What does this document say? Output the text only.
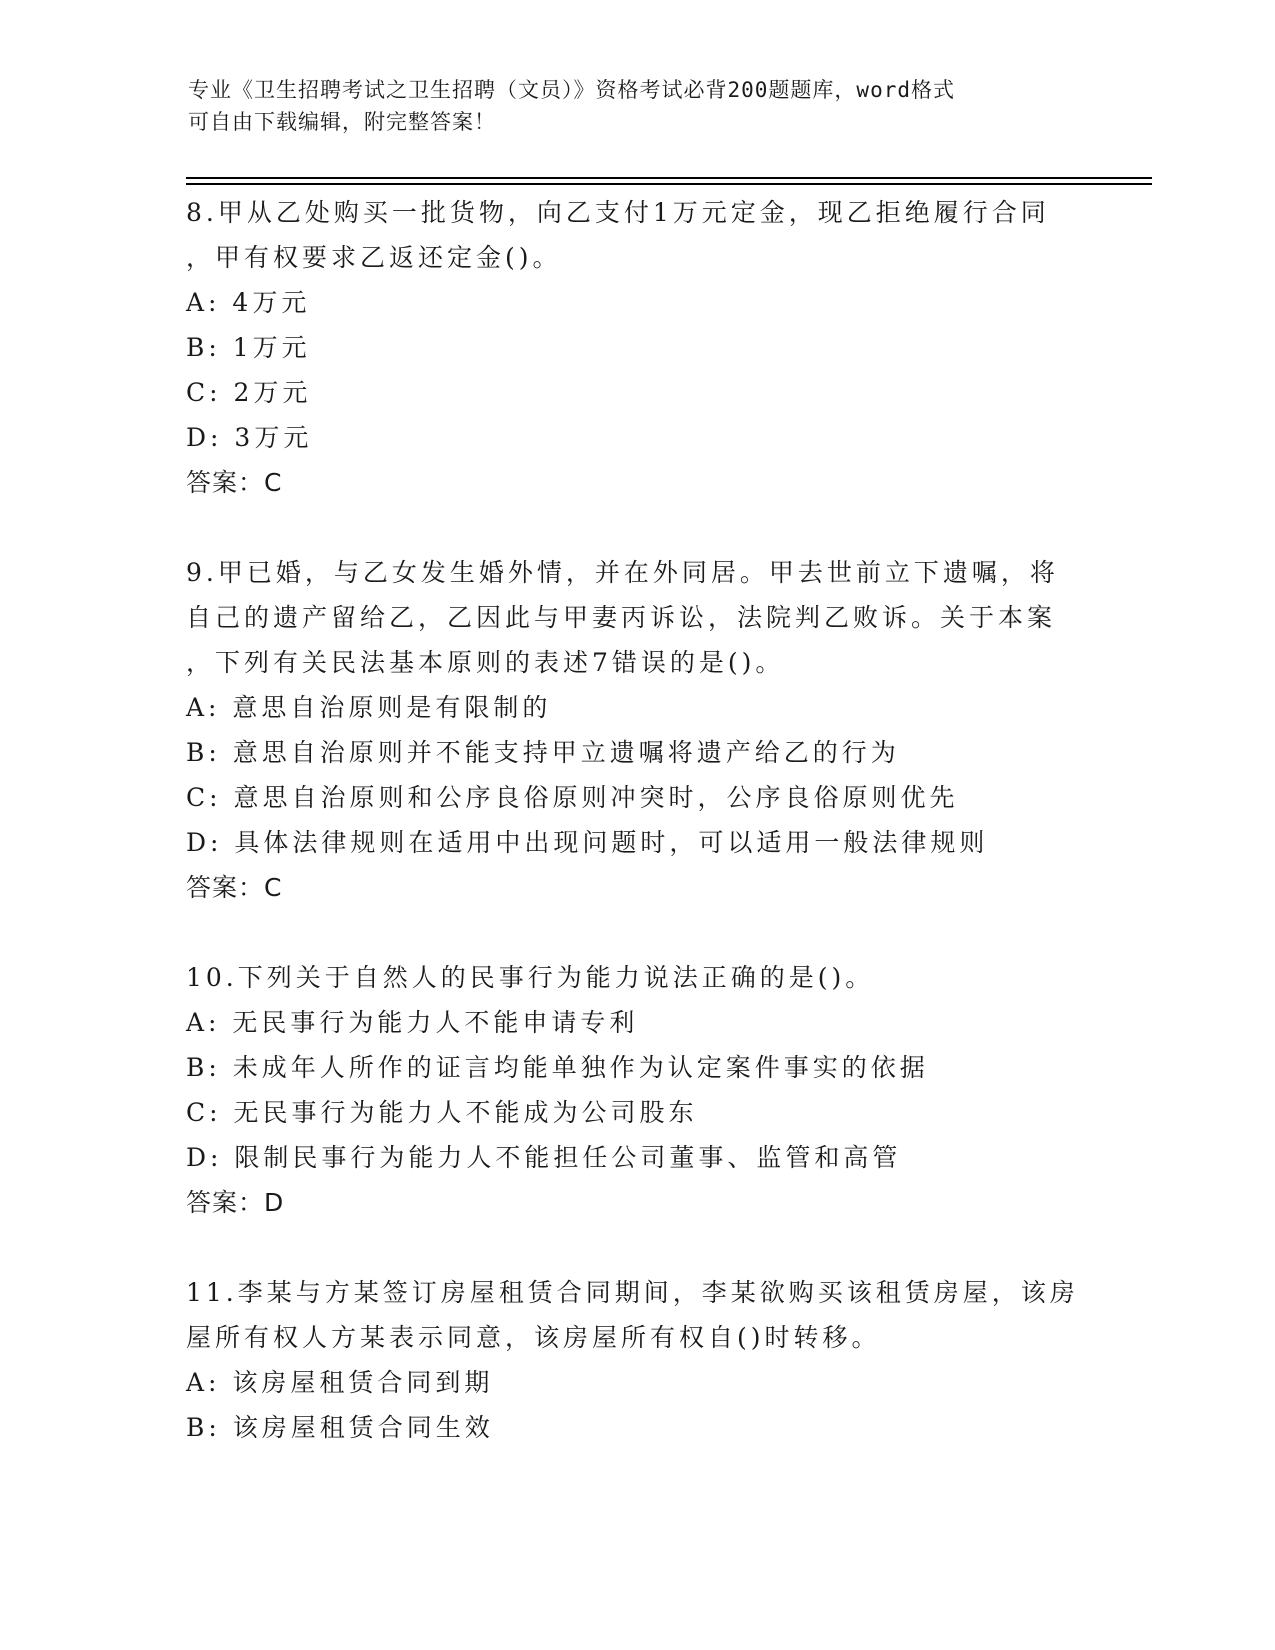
专业《卫生招聘考试之卫生招聘（文员）》资格考试必背200题题库，word格式
可自由下载编辑，附完整答案！
8.甲从乙处购买一批货物，向乙支付1万元定金，现乙拒绝履行合同
，甲有权要求乙返还定金()。
A: 4万元
B: 1万元
C: 2万元
D: 3万元
答案：C
9.甲已婚，与乙女发生婚外情，并在外同居。甲去世前立下遗嘱，将
自己的遗产留给乙，乙因此与甲妻丙诉讼，法院判乙败诉。关于本案
，下列有关民法基本原则的表述7错误的是()。
A: 意思自治原则是有限制的
B: 意思自治原则并不能支持甲立遗嘱将遗产给乙的行为
C: 意思自治原则和公序良俗原则冲突时，公序良俗原则优先
D: 具体法律规则在适用中出现问题时，可以适用一般法律规则
答案：C
10.下列关于自然人的民事行为能力说法正确的是()。
A: 无民事行为能力人不能申请专利
B: 未成年人所作的证言均能单独作为认定案件事实的依据
C: 无民事行为能力人不能成为公司股东
D: 限制民事行为能力人不能担任公司董事、监管和高管
答案：D
11.李某与方某签订房屋租赁合同期间，李某欲购买该租赁房屋，该房
屋所有权人方某表示同意，该房屋所有权自()时转移。
A: 该房屋租赁合同到期
B: 该房屋租赁合同生效
